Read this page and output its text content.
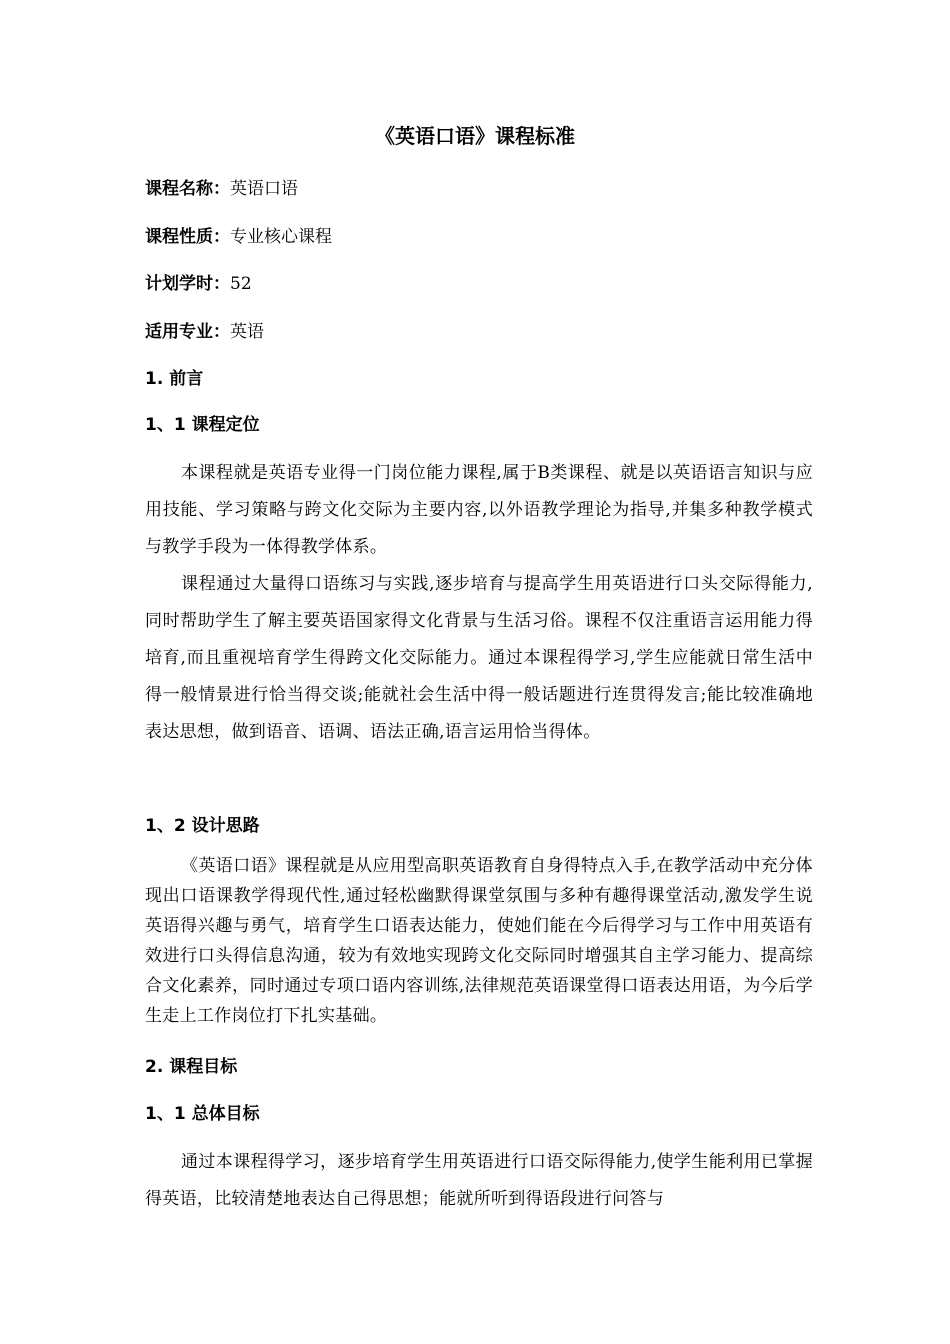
《英语口语》课程标准
课程名称：英语口语
课程性质：专业核心课程
计划学时：52
适用专业：英语
1. 前言
1、1 课程定位

本课程就是英语专业得一门岗位能力课程,属于B类课程、就是以英语语言知识与应用技能、学习策略与跨文化交际为主要内容,以外语教学理论为指导,并集多种教学模式与教学手段为一体得教学体系。

课程通过大量得口语练习与实践,逐步培育与提高学生用英语进行口头交际得能力,同时帮助学生了解主要英语国家得文化背景与生活习俗。课程不仅注重语言运用能力得培育,而且重视培育学生得跨文化交际能力。通过本课程得学习,学生应能就日常生活中得一般情景进行恰当得交谈;能就社会生活中得一般话题进行连贯得发言;能比较准确地表达思想，做到语音、语调、语法正确,语言运用恰当得体。

1、2 设计思路

《英语口语》课程就是从应用型高职英语教育自身得特点入手,在教学活动中充分体现出口语课教学得现代性,通过轻松幽默得课堂氛围与多种有趣得课堂活动,激发学生说英语得兴趣与勇气，培育学生口语表达能力，使她们能在今后得学习与工作中用英语有效进行口头得信息沟通，较为有效地实现跨文化交际同时增强其自主学习能力、提高综合文化素养，同时通过专项口语内容训练,法律规范英语课堂得口语表达用语，为今后学生走上工作岗位打下扎实基础。

2. 课程目标
1、1 总体目标

通过本课程得学习，逐步培育学生用英语进行口语交际得能力,使学生能利用已掌握得英语，比较清楚地表达自己得思想；能就所听到得语段进行问答与
